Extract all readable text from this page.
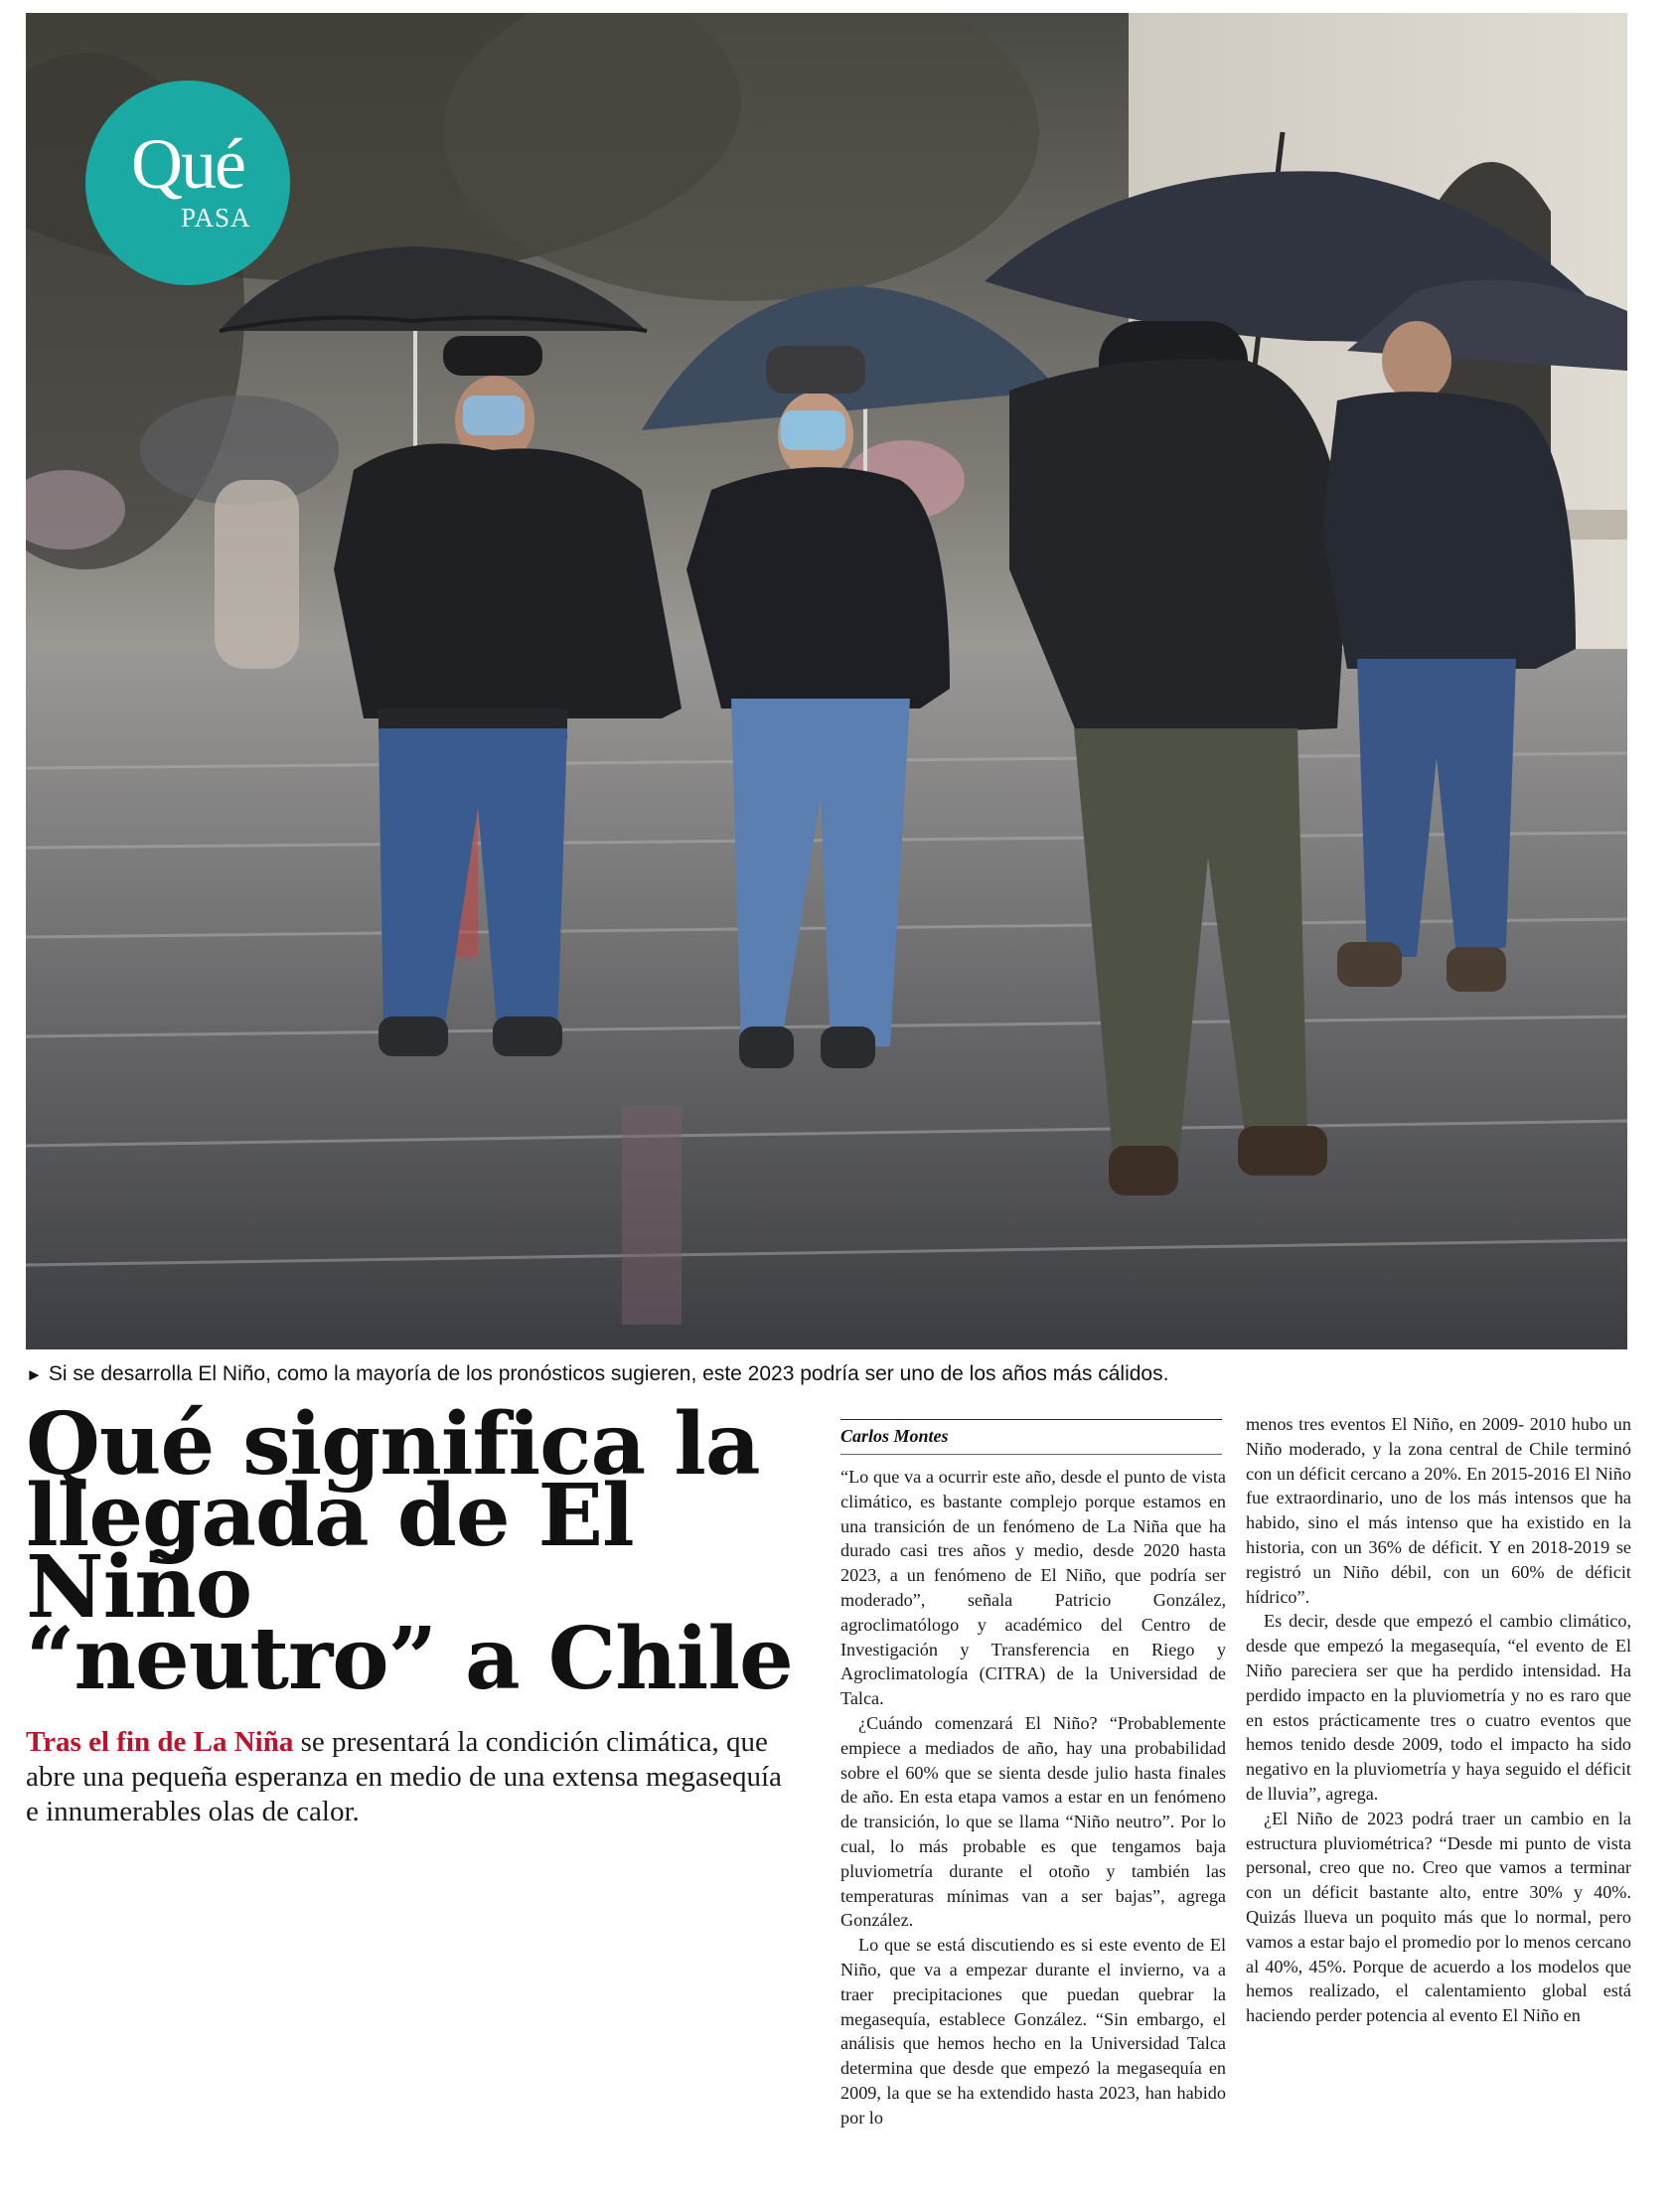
Qué
PASA
► Si se desarrolla El Niño, como la mayoría de los pronósticos sugieren, este 2023 podría ser uno de los años más cálidos.
Qué significa la
llegada de El Niño
“neutro” a Chile

Tras el fin de La Niña se presentará la condición climática, que abre una pequeña esperanza en medio de una extensa megasequía e innumerables olas de calor.

Carlos Montes

“Lo que va a ocurrir este año, desde el punto de vista climático, es bastante complejo porque estamos en una transición de un fenómeno de La Niña que ha durado casi tres años y medio, desde 2020 hasta 2023, a un fenómeno de El Niño, que podría ser moderado”, señala Patricio González, agroclimatólogo y académico del Centro de Investigación y Transferencia en Riego y Agroclimatología (CITRA) de la Universidad de Talca.

¿Cuándo comenzará El Niño? “Probablemente empiece a mediados de año, hay una probabilidad sobre el 60% que se sienta desde julio hasta finales de año. En esta etapa vamos a estar en un fenómeno de transición, lo que se llama “Niño neutro”. Por lo cual, lo más probable es que tengamos baja pluviometría durante el otoño y también las temperaturas mínimas van a ser bajas”, agrega González.

Lo que se está discutiendo es si este evento de El Niño, que va a empezar durante el invierno, va a traer precipitaciones que puedan quebrar la megasequía, establece González. “Sin embargo, el análisis que hemos hecho en la Universidad Talca determina que desde que empezó la megasequía en 2009, la que se ha extendido hasta 2023, han habido por lo

menos tres eventos El Niño, en 2009- 2010 hubo un Niño moderado, y la zona central de Chile terminó con un déficit cercano a 20%. En 2015-2016 El Niño fue extraordinario, uno de los más intensos que ha habido, sino el más intenso que ha existido en la historia, con un 36% de déficit. Y en 2018-2019 se registró un Niño débil, con un 60% de déficit hídrico”.

Es decir, desde que empezó el cambio climático, desde que empezó la megasequía, “el evento de El Niño pareciera ser que ha perdido intensidad. Ha perdido impacto en la pluviometría y no es raro que en estos prácticamente tres o cuatro eventos que hemos tenido desde 2009, todo el impacto ha sido negativo en la pluviometría y haya seguido el déficit de lluvia”, agrega.

¿El Niño de 2023 podrá traer un cambio en la estructura pluviométrica? “Desde mi punto de vista personal, creo que no. Creo que vamos a terminar con un déficit bastante alto, entre 30% y 40%. Quizás llueva un poquito más que lo normal, pero vamos a estar bajo el promedio por lo menos cercano al 40%, 45%. Porque de acuerdo a los modelos que hemos realizado, el calentamiento global está haciendo perder potencia al evento El Niño en
